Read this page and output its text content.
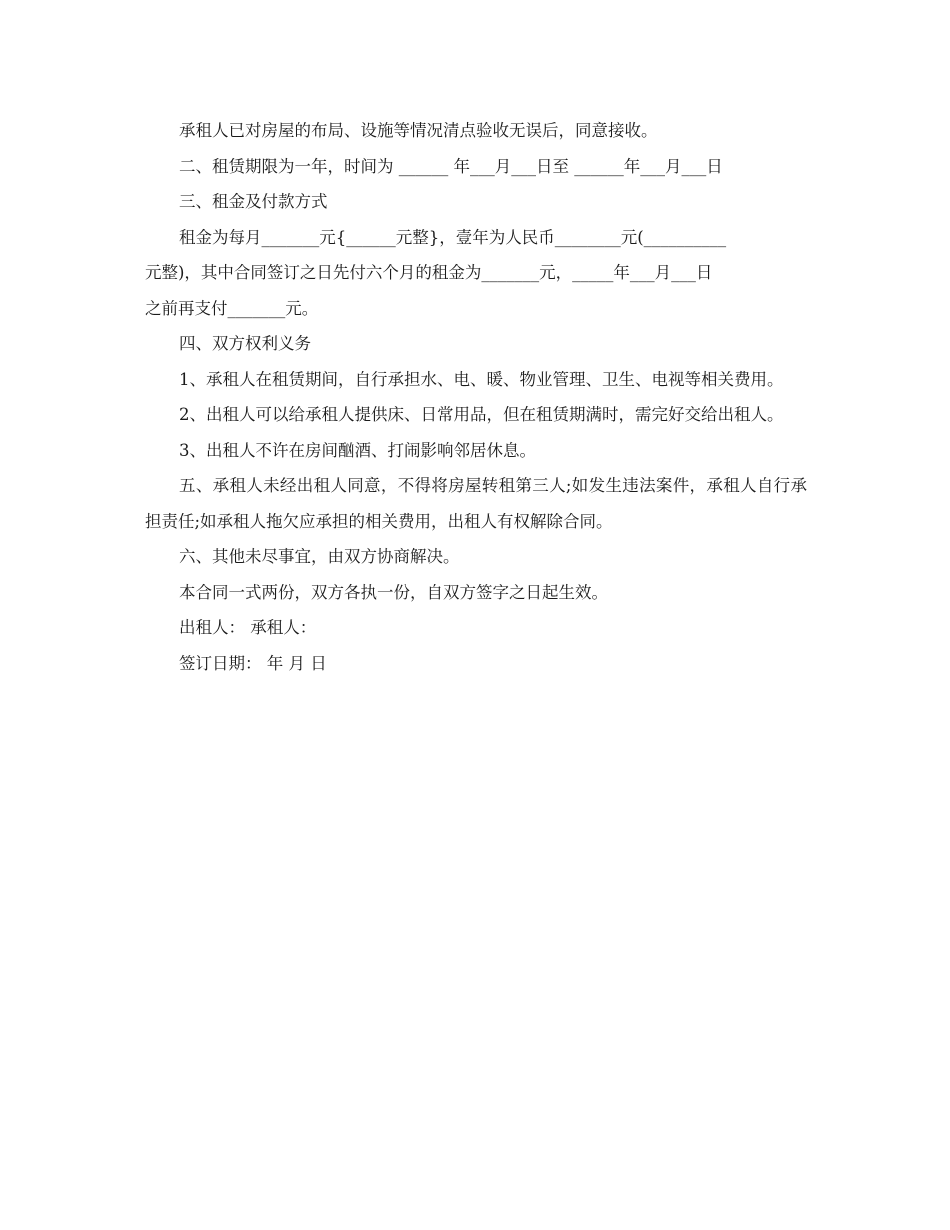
承租人已对房屋的布局、设施等情况清点验收无误后，同意接收。

二、租赁期限为一年，时间为 ______ 年___月___日至 ______年___月___日

三、租金及付款方式

租金为每月_______元{______元整}，壹年为人民币________元(__________
元整)，其中合同签订之日先付六个月的租金为_______元，_____年___月___日
之前再支付_______元。

四、双方权利义务

1、承租人在租赁期间，自行承担水、电、暖、物业管理、卫生、电视等相关费用。

2、出租人可以给承租人提供床、日常用品，但在租赁期满时，需完好交给出租人。

3、出租人不许在房间酗酒、打闹影响邻居休息。

五、承租人未经出租人同意，不得将房屋转租第三人;如发生违法案件，承租人自行承担责任;如承租人拖欠应承担的相关费用，出租人有权解除合同。

六、其他未尽事宜，由双方协商解决。

本合同一式两份，双方各执一份，自双方签字之日起生效。

出租人： 承租人：

签订日期： 年 月 日
